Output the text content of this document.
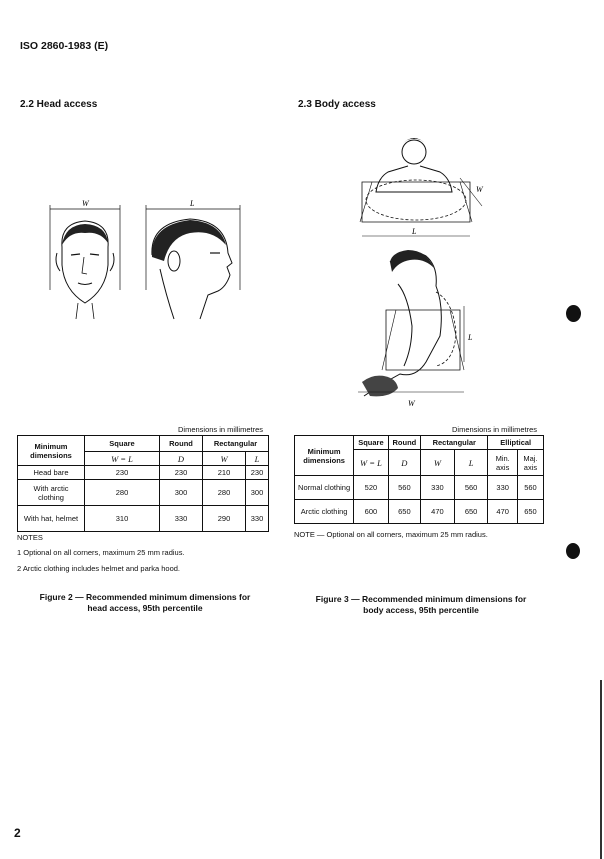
ISO 2860-1983 (E)
2.2 Head access	2.3 Body access
W	L
W
L
L
W
Dimensions in millimetres
Minimum dimensions	Square	Round	Rectangular	
	W = L	D	W	L
Head bare	230	230	210	230
With arctic clothing	280	300	280	300
With hat, helmet	310	330	290	330
NOTES
1 Optional on all corners, maximum 25 mm radius.
2 Arctic clothing includes helmet and parka hood.
Figure 2 — Recommended minimum dimensions for
head access, 95th percentile
Dimensions in millimetres
Minimum dimensions	Square	Round	Rectangular		Elliptical	
	W = L	D	W	L	Min. axis	Maj. axis
Normal clothing	520	560	330	560	330	560
Arctic clothing	600	650	470	650	470	650
NOTE — Optional on all corners, maximum 25 mm radius.
Figure 3 — Recommended minimum dimensions for
body access, 95th percentile
2
